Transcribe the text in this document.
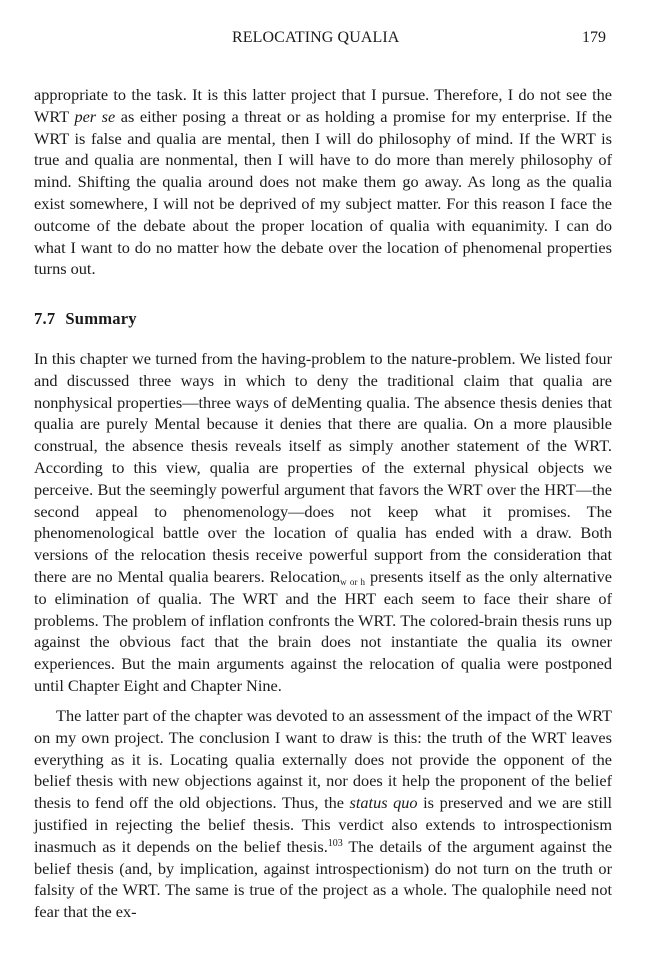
RELOCATING QUALIA	179

appropriate to the task. It is this latter project that I pursue. Therefore, I do not see the WRT per se as either posing a threat or as holding a promise for my enterprise. If the WRT is false and qualia are mental, then I will do philosophy of mind. If the WRT is true and qualia are nonmental, then I will have to do more than merely philosophy of mind. Shifting the qualia around does not make them go away. As long as the qualia exist somewhere, I will not be deprived of my subject matter. For this reason I face the outcome of the debate about the proper location of qualia with equanimity. I can do what I want to do no matter how the debate over the location of phenomenal properties turns out.

7.7 Summary

In this chapter we turned from the having-problem to the nature-problem. We listed four and discussed three ways in which to deny the traditional claim that qualia are nonphysical properties—three ways of deMenting qualia. The absence thesis denies that qualia are purely Mental because it denies that there are qualia. On a more plausible construal, the absence thesis reveals itself as simply another statement of the WRT. According to this view, qualia are properties of the external physical objects we perceive. But the seemingly powerful argument that favors the WRT over the HRT—the second appeal to phenomenology—does not keep what it promises. The phenomenological battle over the location of qualia has ended with a draw. Both versions of the relocation thesis receive powerful support from the consideration that there are no Mental qualia bearers. Relocation$_{w or h}$ presents itself as the only alternative to elimination of qualia. The WRT and the HRT each seem to face their share of problems. The problem of inflation confronts the WRT. The colored-brain thesis runs up against the obvious fact that the brain does not instantiate the qualia its owner experiences. But the main arguments against the relocation of qualia were postponed until Chapter Eight and Chapter Nine.

The latter part of the chapter was devoted to an assessment of the impact of the WRT on my own project. The conclusion I want to draw is this: the truth of the WRT leaves everything as it is. Locating qualia externally does not provide the opponent of the belief thesis with new objections against it, nor does it help the proponent of the belief thesis to fend off the old objections. Thus, the status quo is preserved and we are still justified in rejecting the belief thesis. This verdict also extends to introspectionism inasmuch as it depends on the belief thesis.$^{103}$ The details of the argument against the belief thesis (and, by implication, against introspectionism) do not turn on the truth or falsity of the WRT. The same is true of the project as a whole. The qualophile need not fear that the ex-
